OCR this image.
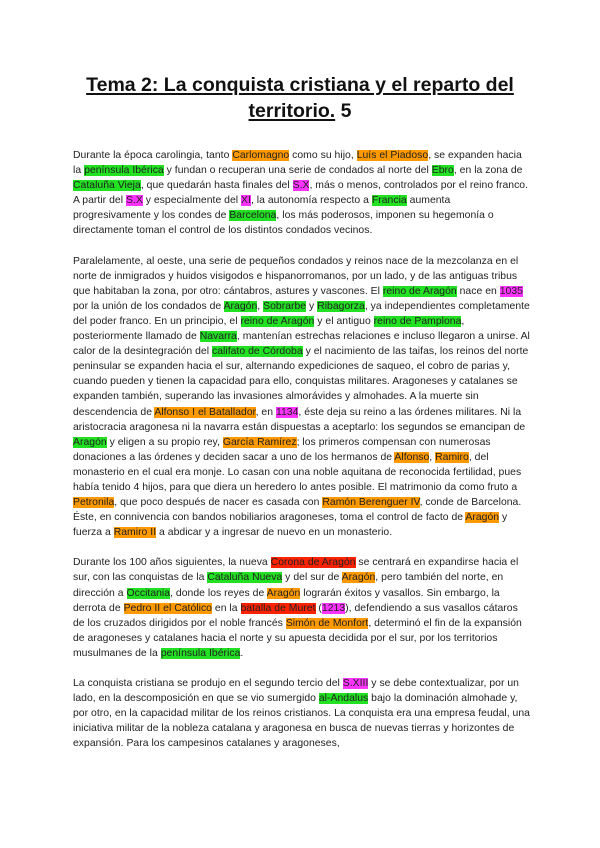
Tema 2: La conquista cristiana y el reparto del territorio. 5

Durante la época carolingia, tanto Carlomagno como su hijo, Luís el Piadoso, se expanden hacia la península Ibérica y fundan o recuperan una serie de condados al norte del Ebro, en la zona de Cataluña Vieja, que quedarán hasta finales del S.X, más o menos, controlados por el reino franco. A partir del S.X y especialmente del XI, la autonomía respecto a Francia aumenta progresivamente y los condes de Barcelona, los más poderosos, imponen su hegemonía o directamente toman el control de los distintos condados vecinos.

Paralelamente, al oeste, una serie de pequeños condados y reinos nace de la mezcolanza en el norte de inmigrados y huidos visigodos e hispanorromanos, por un lado, y de las antiguas tribus que habitaban la zona, por otro: cántabros, astures y vascones. El reino de Aragón nace en 1035 por la unión de los condados de Aragón, Sobrarbe y Ribagorza, ya independientes completamente del poder franco. En un principio, el reino de Aragón y el antiguo reino de Pamplona, posteriormente llamado de Navarra, mantenían estrechas relaciones e incluso llegaron a unirse. Al calor de la desintegración del califato de Córdoba y el nacimiento de las taifas, los reinos del norte peninsular se expanden hacia el sur, alternando expediciones de saqueo, el cobro de parias y, cuando pueden y tienen la capacidad para ello, conquistas militares. Aragoneses y catalanes se expanden también, superando las invasiones almorávides y almohades. A la muerte sin descendencia de Alfonso I el Batallador, en 1134, éste deja su reino a las órdenes militares. Ni la aristocracia aragonesa ni la navarra están dispuestas a aceptarlo: los segundos se emancipan de Aragón y eligen a su propio rey, García Ramírez; los primeros compensan con numerosas donaciones a las órdenes y deciden sacar a uno de los hermanos de Alfonso, Ramiro, del monasterio en el cual era monje. Lo casan con una noble aquitana de reconocida fertilidad, pues había tenido 4 hijos, para que diera un heredero lo antes posible. El matrimonio da como fruto a Petronila, que poco después de nacer es casada con Ramón Berenguer IV, conde de Barcelona. Éste, en connivencia con bandos nobiliarios aragoneses, toma el control de facto de Aragón y fuerza a Ramiro II a abdicar y a ingresar de nuevo en un monasterio.

Durante los 100 años siguientes, la nueva Corona de Aragón se centrará en expandirse hacia el sur, con las conquistas de la Cataluña Nueva y del sur de Aragón, pero también del norte, en dirección a Occitania, donde los reyes de Aragón lograrán éxitos y vasallos. Sin embargo, la derrota de Pedro II el Católico en la batalla de Muret (1213), defendiendo a sus vasallos cátaros de los cruzados dirigidos por el noble francés Simón de Monfort, determinó el fin de la expansión de aragoneses y catalanes hacia el norte y su apuesta decidida por el sur, por los territorios musulmanes de la península Ibérica.

La conquista cristiana se produjo en el segundo tercio del S.XIII y se debe contextualizar, por un lado, en la descomposición en que se vio sumergido al-Andalus bajo la dominación almohade y, por otro, en la capacidad militar de los reinos cristianos. La conquista era una empresa feudal, una iniciativa militar de la nobleza catalana y aragonesa en busca de nuevas tierras y horizontes de expansión. Para los campesinos catalanes y aragoneses,
